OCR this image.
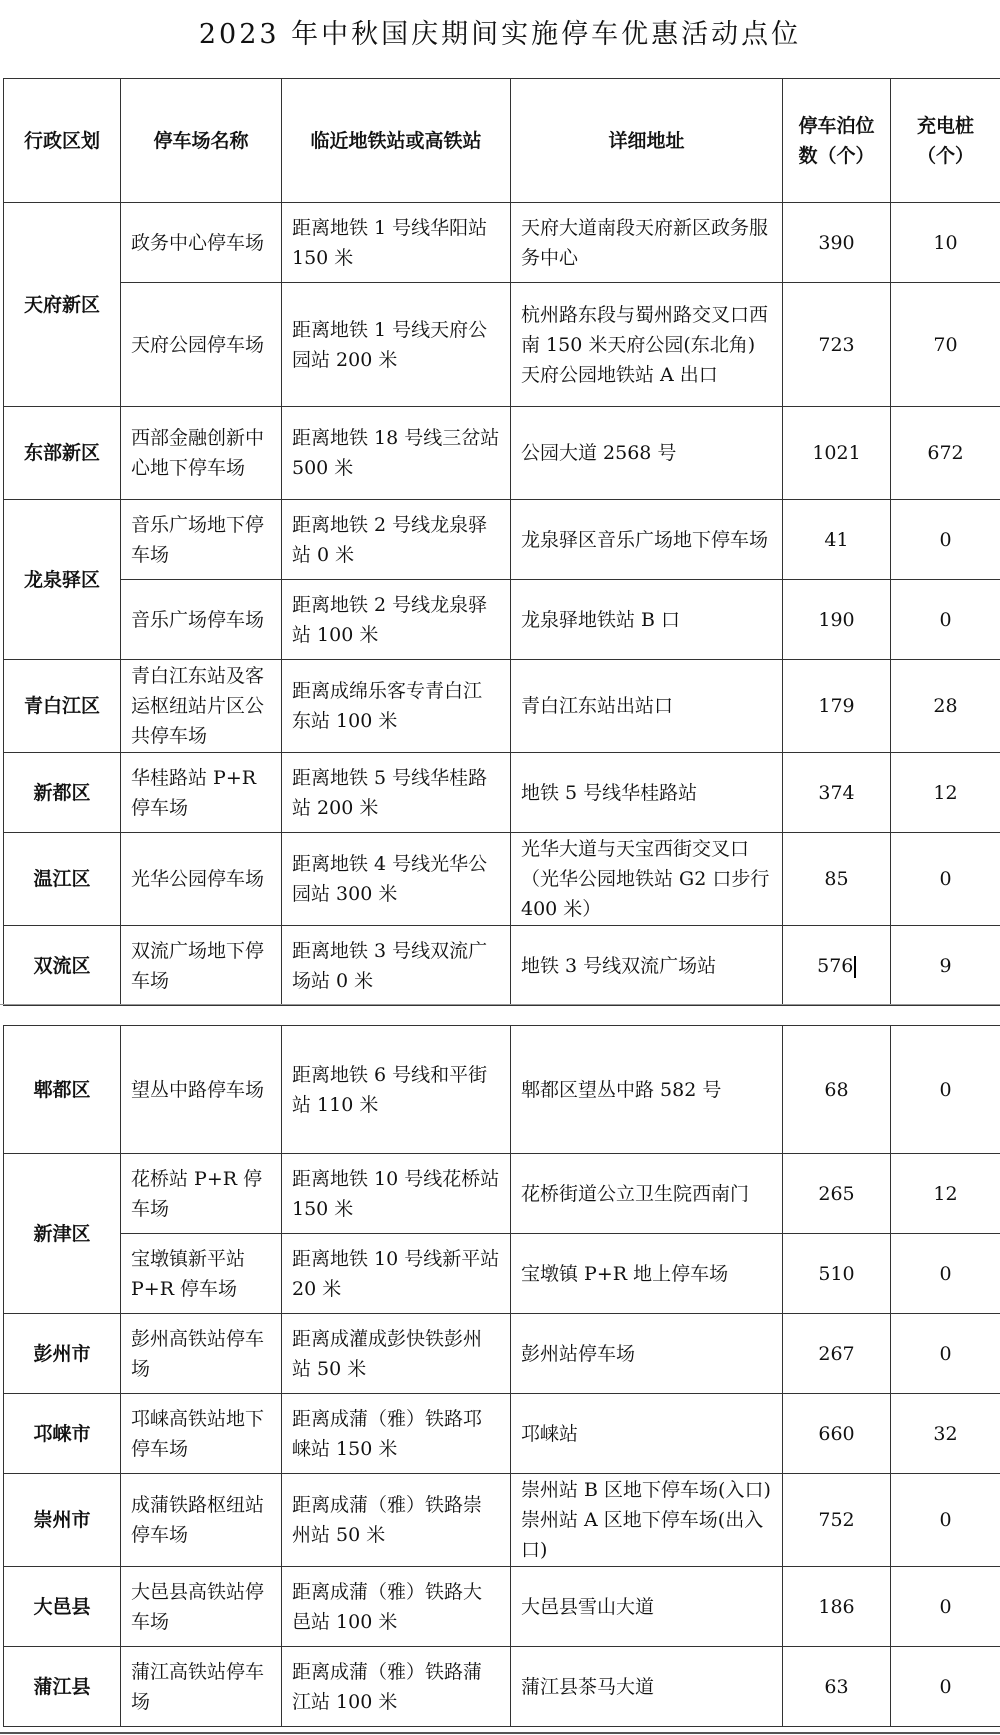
2023 年中秋国庆期间实施停车优惠活动点位
行政区划	停车场名称	临近地铁站或高铁站	详细地址	停车泊位数（个）	充电桩（个）
天府新区	政务中心停车场	距离地铁 1 号线华阳站 150 米	天府大道南段天府新区政务服务中心	390	10
	天府公园停车场	距离地铁 1 号线天府公园站 200 米	杭州路东段与蜀州路交叉口西南 150 米天府公园(东北角)天府公园地铁站 A 出口	723	70
东部新区	西部金融创新中心地下停车场	距离地铁 18 号线三岔站 500 米	公园大道 2568 号	1021	672
龙泉驿区	音乐广场地下停车场	距离地铁 2 号线龙泉驿站 0 米	龙泉驿区音乐广场地下停车场	41	0
	音乐广场停车场	距离地铁 2 号线龙泉驿站 100 米	龙泉驿地铁站 B 口	190	0
青白江区	青白江东站及客运枢纽站片区公共停车场	距离成绵乐客专青白江东站 100 米	青白江东站出站口	179	28
新都区	华桂路站 P+R 停车场	距离地铁 5 号线华桂路站 200 米	地铁 5 号线华桂路站	374	12
温江区	光华公园停车场	距离地铁 4 号线光华公园站 300 米	光华大道与天宝西街交叉口（光华公园地铁站 G2 口步行 400 米）	85	0
双流区	双流广场地下停车场	距离地铁 3 号线双流广场站 0 米	地铁 3 号线双流广场站	576	9
郫都区	望丛中路停车场	距离地铁 6 号线和平街站 110 米	郫都区望丛中路 582 号	68	0
新津区	花桥站 P+R 停车场	距离地铁 10 号线花桥站 150 米	花桥街道公立卫生院西南门	265	12
	宝墩镇新平站 P+R 停车场	距离地铁 10 号线新平站 20 米	宝墩镇 P+R 地上停车场	510	0
彭州市	彭州高铁站停车场	距离成灌成彭快铁彭州站 50 米	彭州站停车场	267	0
邛崃市	邛崃高铁站地下停车场	距离成蒲（雅）铁路邛崃站 150 米	邛崃站	660	32
崇州市	成蒲铁路枢纽站停车场	距离成蒲（雅）铁路崇州站 50 米	崇州站 B 区地下停车场(入口)　崇州站 A 区地下停车场(出入口)	752	0
大邑县	大邑县高铁站停车场	距离成蒲（雅）铁路大邑站 100 米	大邑县雪山大道	186	0
蒲江县	蒲江高铁站停车场	距离成蒲（雅）铁路蒲江站 100 米	蒲江县茶马大道	63	0
